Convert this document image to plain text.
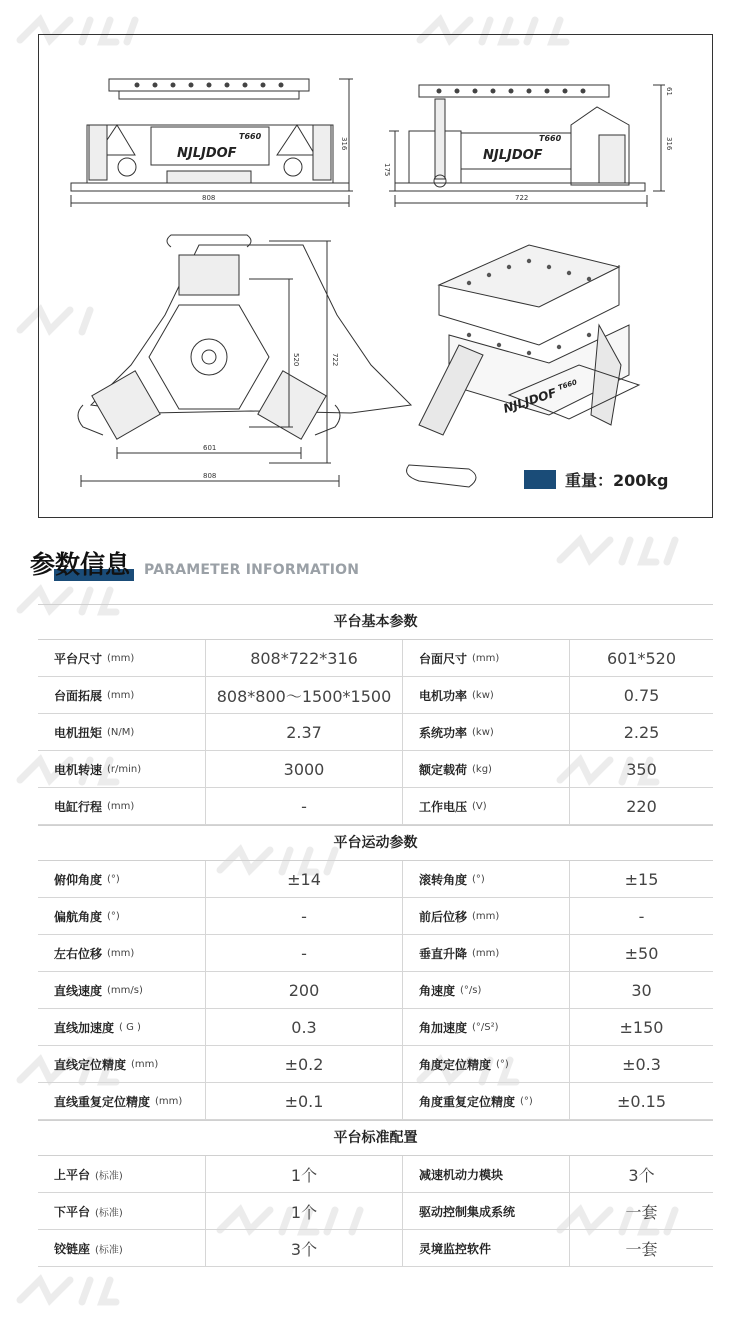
808
316
722
316
175
61
601
808
520	722
NJLJDOF
T660
NJLJDOF
T660
NJLJDOF
T660
重量：200kg
参数信息 PARAMETER INFORMATION
平台基本参数
平台尺寸 (mm)	808*722*316	台面尺寸 (mm)	601*520
台面拓展 (mm)	808*800～1500*1500 电机功率 (kw)	0.75
电机扭矩 (N/M)	2.37	系统功率 (kw)	2.25
电机转速 (r/min)	3000	额定载荷 (kg)	350
电缸行程 (mm)	-	工作电压 (V)	220
平台运动参数
俯仰角度 (°)	±14	滚转角度 (°)	±15
偏航角度 (°)	-	前后位移 (mm)	-
左右位移 (mm)	-	垂直升降 (mm)	±50
直线速度 (mm/s)	200	角速度 (°/s)	30
直线加速度 ( G )	0.3	角加速度 (°/S²)	±150
直线定位精度 (mm)	±0.2	角度定位精度 (°)	±0.3
直线重复定位精度 (mm)	±0.1	角度重复定位精度 (°)	±0.15
平台标准配置
上平台 (标准)	1个	减速机动力模块	3个
下平台 (标准)	1个	驱动控制集成系统	一套
铰链座 (标准)	3个	灵境监控软件	一套
